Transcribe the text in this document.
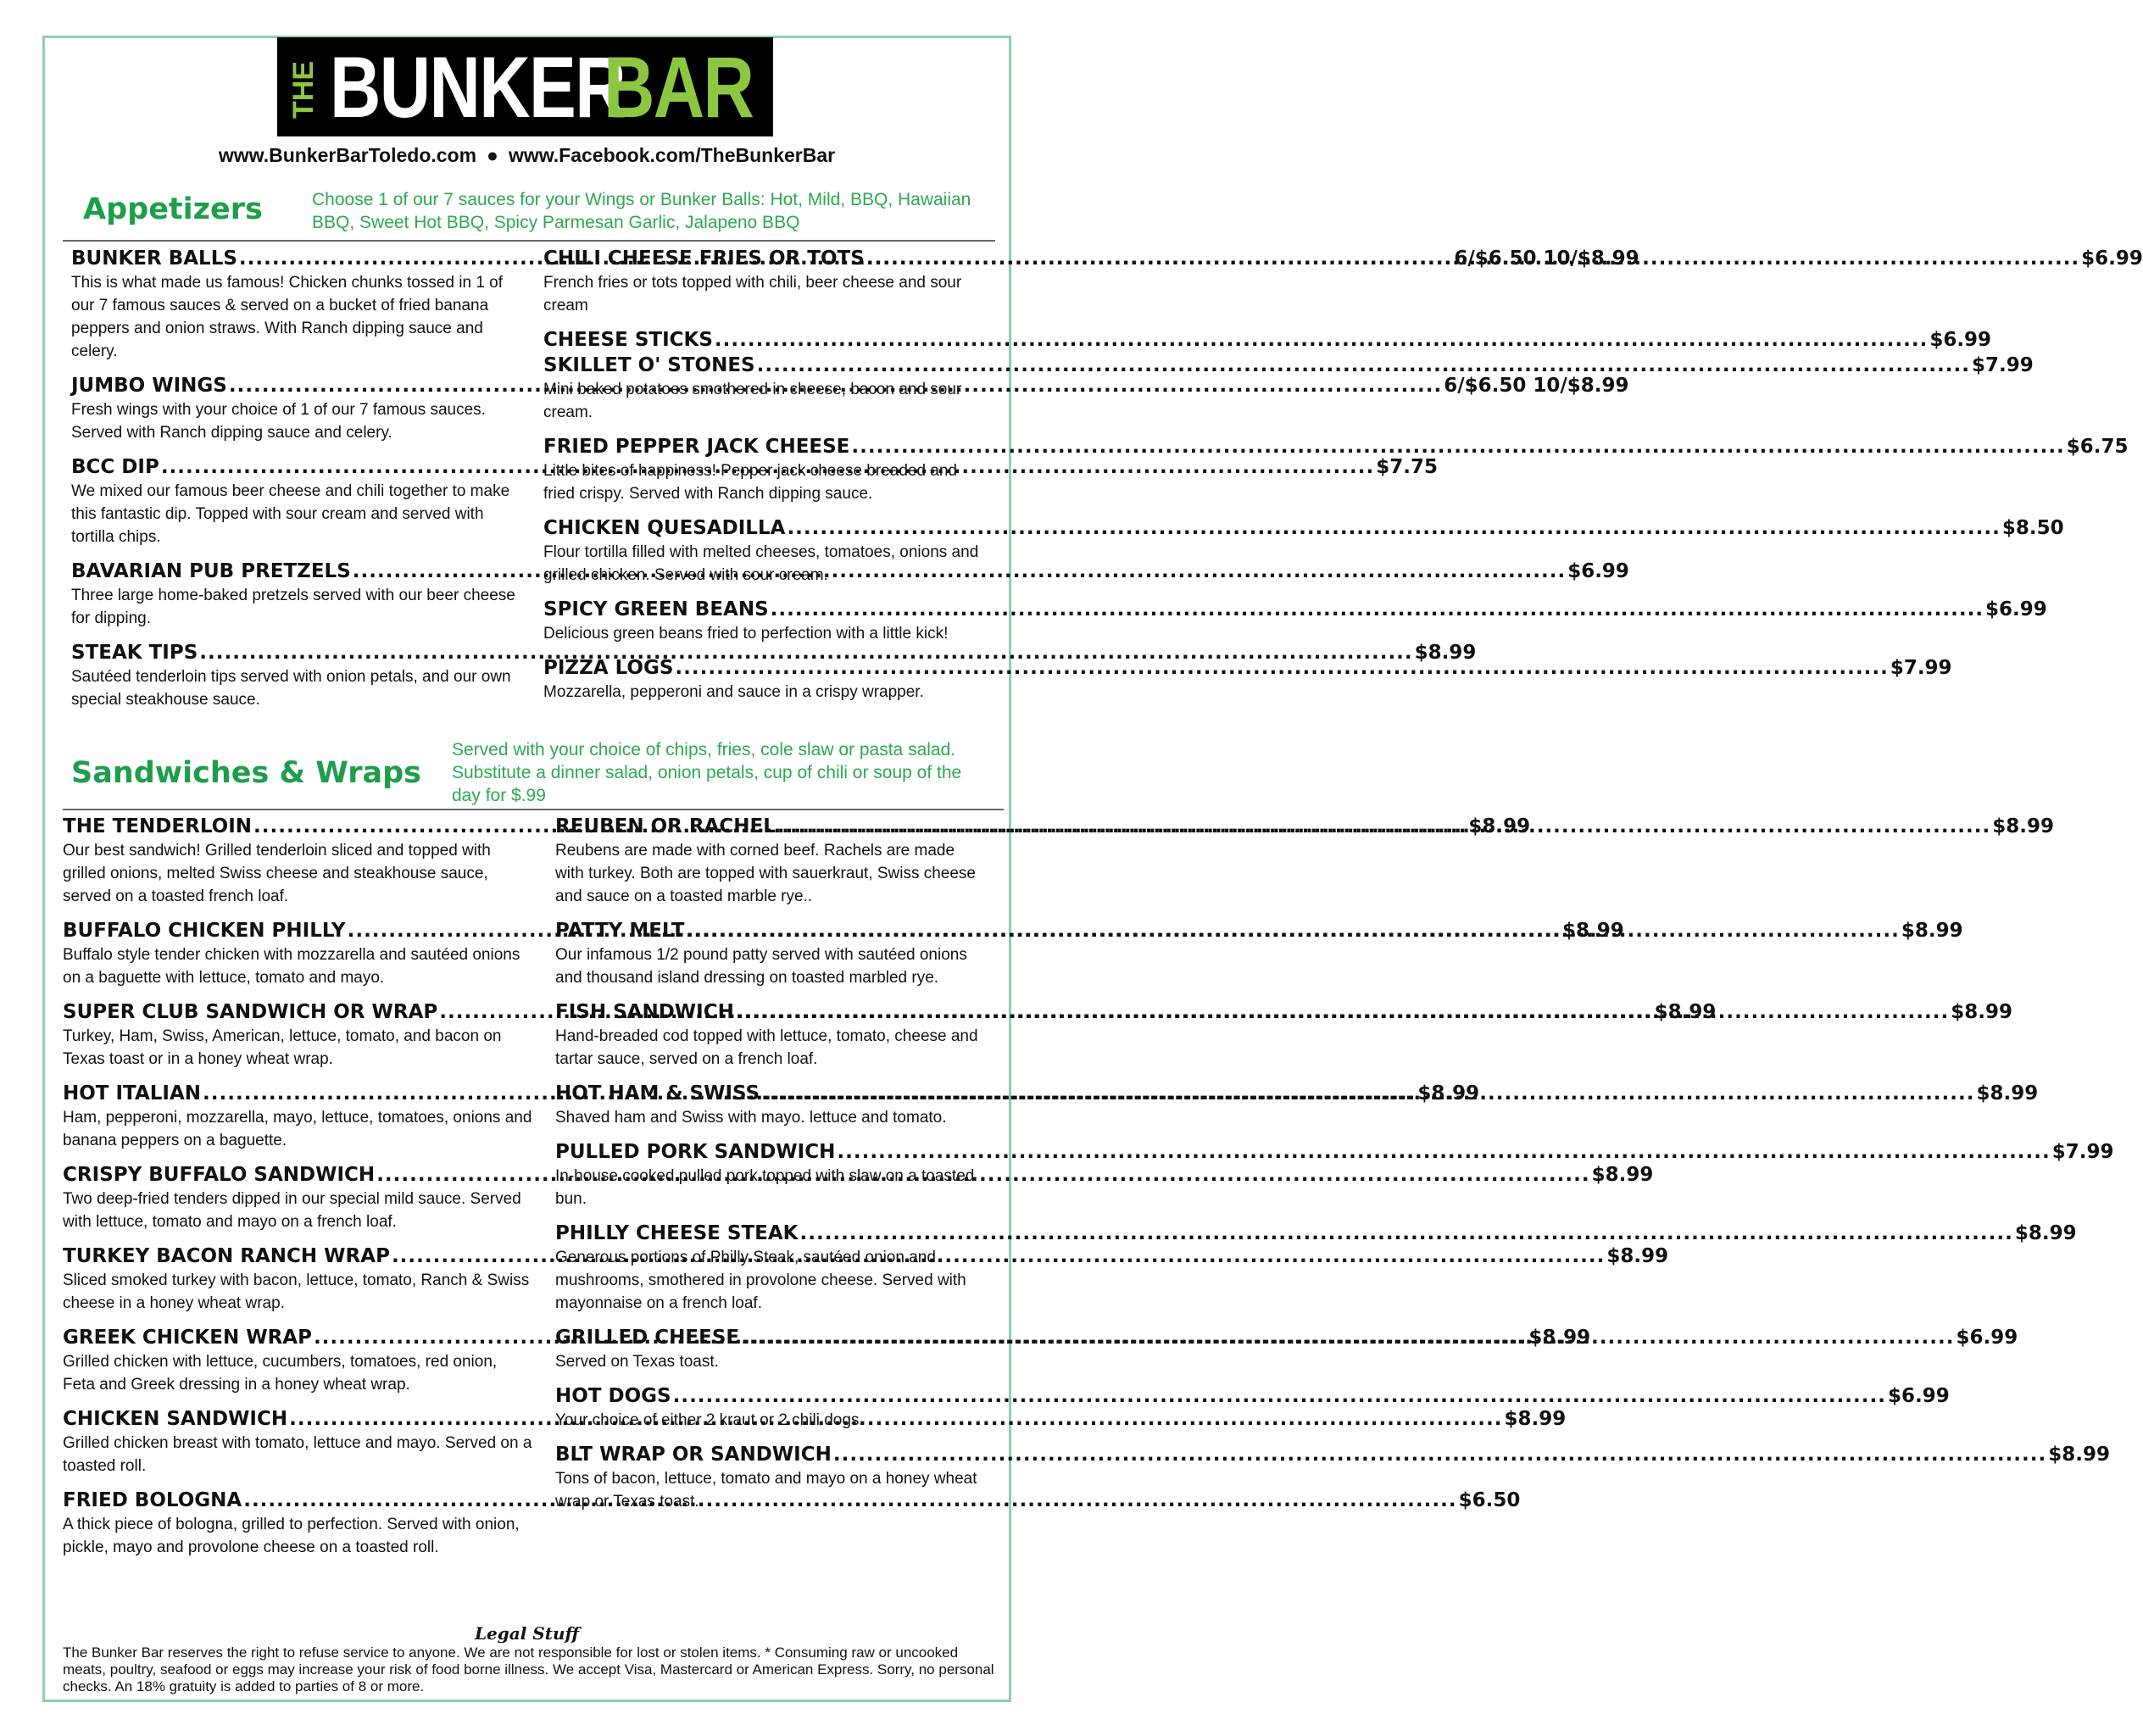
THE BUNKER
BAR
www.BunkerBarToledo.com ● www.Facebook.com/TheBunkerBar
Appetizers	Choose 1 of our 7 sauces for your Wings or Bunker Balls: Hot, Mild, BBQ, Hawaiian BBQ, Sweet Hot BBQ, Spicy Parmesan Garlic, Jalapeno BBQ
BUNKER BALLS .....	6/$6.50 10/$8.99
This is what made us famous! Chicken chunks tossed in 1 of our 7 famous sauces & served on a bucket of fried banana peppers and onion straws. With Ranch dipping sauce and celery.
JUMBO WINGS .....	6/$6.50 10/$8.99
Fresh wings with your choice of 1 of our 7 famous sauces. Served with Ranch dipping sauce and celery.
BCC DIP .....	$7.75
We mixed our famous beer cheese and chili together to make this fantastic dip. Topped with sour cream and served with tortilla chips.
BAVARIAN PUB PRETZELS .....	$6.99
Three large home-baked pretzels served with our beer cheese for dipping.
STEAK TIPS .....	$8.99
Sautéed tenderloin tips served with onion petals, and our own special steakhouse sauce.
CHILI CHEESE FRIES OR TOTS .....	$6.99
French fries or tots topped with chili, beer cheese and sour cream
CHEESE STICKS .....	$6.99
SKILLET O' STONES .....	$7.99
Mini baked potatoes smothered in cheese, bacon and sour cream.
FRIED PEPPER JACK CHEESE .....	$6.75
Little bites of happiness! Pepper jack cheese breaded and fried crispy. Served with Ranch dipping sauce.
CHICKEN QUESADILLA .....	$8.50
Flour tortilla filled with melted cheeses, tomatoes, onions and grilled chicken. Served with sour cream.
SPICY GREEN BEANS .....	$6.99
Delicious green beans fried to perfection with a little kick!
PIZZA LOGS .....	$7.99
Mozzarella, pepperoni and sauce in a crispy wrapper.
Sandwiches & Wraps
Served with your choice of chips, fries, cole slaw or pasta salad. Substitute a dinner salad, onion petals, cup of chili or soup of the day for $.99
THE TENDERLOIN .....	$8.99
Our best sandwich! Grilled tenderloin sliced and topped with grilled onions, melted Swiss cheese and steakhouse sauce, served on a toasted french loaf.
BUFFALO CHICKEN PHILLY .....	$8.99
Buffalo style tender chicken with mozzarella and sautéed onions on a baguette with lettuce, tomato and mayo.
SUPER CLUB SANDWICH OR WRAP .....	$8.99
Turkey, Ham, Swiss, American, lettuce, tomato, and bacon on Texas toast or in a honey wheat wrap.
HOT ITALIAN .....	$8.99
Ham, pepperoni, mozzarella, mayo, lettuce, tomatoes, onions and banana peppers on a baguette.
CRISPY BUFFALO SANDWICH .....	$8.99
Two deep-fried tenders dipped in our special mild sauce. Served with lettuce, tomato and mayo on a french loaf.
TURKEY BACON RANCH WRAP .....	$8.99
Sliced smoked turkey with bacon, lettuce, tomato, Ranch & Swiss cheese in a honey wheat wrap.
GREEK CHICKEN WRAP .....	$8.99
Grilled chicken with lettuce, cucumbers, tomatoes, red onion, Feta and Greek dressing in a honey wheat wrap.
CHICKEN SANDWICH .....	$8.99
Grilled chicken breast with tomato, lettuce and mayo. Served on a toasted roll.
FRIED BOLOGNA .....	$6.50
A thick piece of bologna, grilled to perfection. Served with onion, pickle, mayo and provolone cheese on a toasted roll.
REUBEN OR RACHEL .....	$8.99
Reubens are made with corned beef. Rachels are made with turkey. Both are topped with sauerkraut, Swiss cheese and sauce on a toasted marble rye..
PATTY MELT .....	$8.99
Our infamous 1/2 pound patty served with sautéed onions and thousand island dressing on toasted marbled rye.
FISH SANDWICH .....	$8.99
Hand-breaded cod topped with lettuce, tomato, cheese and tartar sauce, served on a french loaf.
HOT HAM & SWISS .....	$8.99
Shaved ham and Swiss with mayo. lettuce and tomato.
PULLED PORK SANDWICH .....	$7.99
In-house cooked pulled pork topped with slaw on a toasted bun.
PHILLY CHEESE STEAK .....	$8.99
Generous portions of Philly Steak, sautéed onion and mushrooms, smothered in provolone cheese. Served with mayonnaise on a french loaf.
GRILLED CHEESE .....	$6.99
Served on Texas toast.
HOT DOGS .....	$6.99
Your choice of either 2 kraut or 2 chili dogs.
BLT WRAP OR SANDWICH .....	$8.99
Tons of bacon, lettuce, tomato and mayo on a honey wheat wrap or Texas toast.
Legal Stuff
The Bunker Bar reserves the right to refuse service to anyone. We are not responsible for lost or stolen items. * Consuming raw or uncooked meats, poultry, seafood or eggs may increase your risk of food borne illness. We accept Visa, Mastercard or American Express. Sorry, no personal checks. An 18% gratuity is added to parties of 8 or more.
